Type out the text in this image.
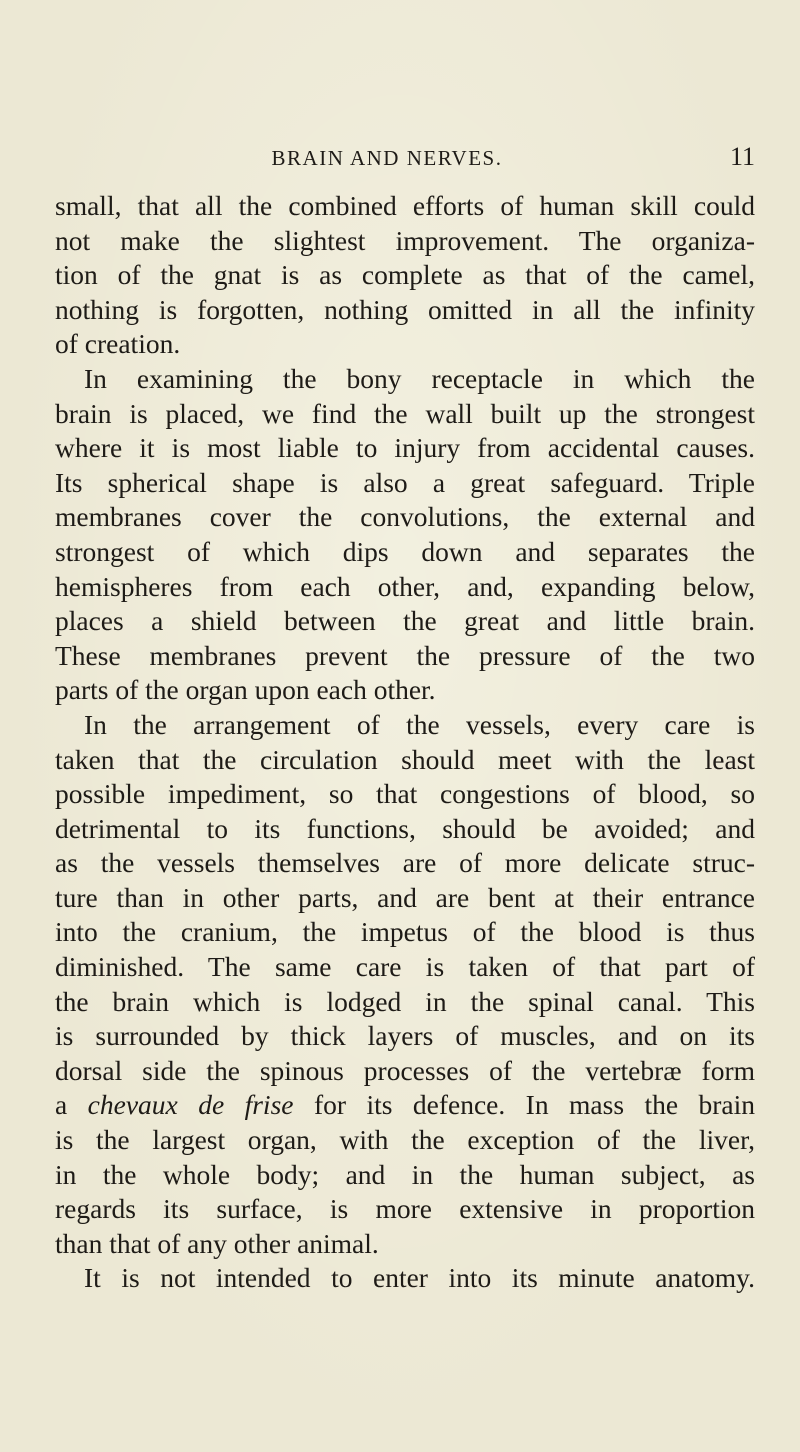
BRAIN AND NERVES.	11
small, that all the combined efforts of human skill could
not make the slightest improvement. The organiza-
tion of the gnat is as complete as that of the camel,
nothing is forgotten, nothing omitted in all the infinity
of creation.
In examining the bony receptacle in which the
brain is placed, we find the wall built up the strongest
where it is most liable to injury from accidental causes.
Its spherical shape is also a great safeguard. Triple
membranes cover the convolutions, the external and
strongest of which dips down and separates the
hemispheres from each other, and, expanding below,
places a shield between the great and little brain.
These membranes prevent the pressure of the two
parts of the organ upon each other.
In the arrangement of the vessels, every care is
taken that the circulation should meet with the least
possible impediment, so that congestions of blood, so
detrimental to its functions, should be avoided; and
as the vessels themselves are of more delicate struc-
ture than in other parts, and are bent at their entrance
into the cranium, the impetus of the blood is thus
diminished. The same care is taken of that part of
the brain which is lodged in the spinal canal. This
is surrounded by thick layers of muscles, and on its
dorsal side the spinous processes of the vertebræ form
a chevaux de frise for its defence. In mass the brain
is the largest organ, with the exception of the liver,
in the whole body; and in the human subject, as
regards its surface, is more extensive in proportion
than that of any other animal.
It is not intended to enter into its minute anatomy.
